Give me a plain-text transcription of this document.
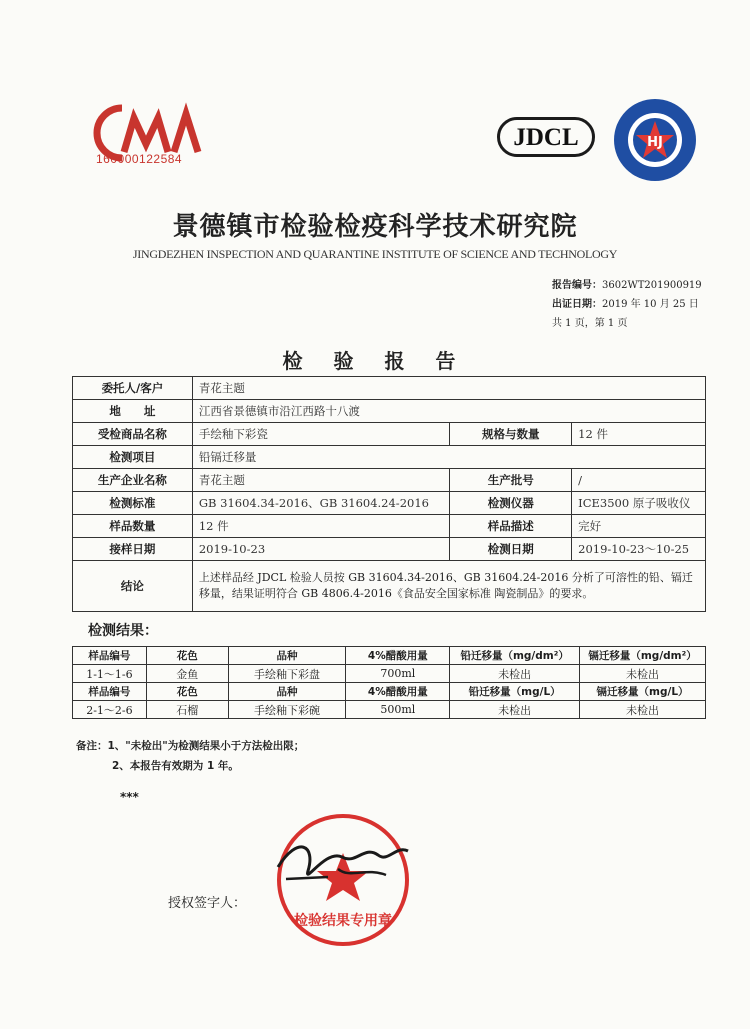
160000122584
JDCL	HJ
景德镇市检验检疫科学技术研究院
JINGDEZHEN INSPECTION AND QUARANTINE INSTITUTE OF SCIENCE AND TECHNOLOGY
报告编号：3602WT201900919
出证日期：2019 年 10 月 25 日
共 1 页，第 1 页
检 验 报 告
委托人/客户	青花主题		
地　　址	江西省景德镇市沿江西路十八渡		
受检商品名称	手绘釉下彩瓷	规格与数量	12 件
检测项目	铅镉迁移量		
生产企业名称	青花主题	生产批号	/
检测标准	GB 31604.34-2016、GB 31604.24-2016	检测仪器	ICE3500 原子吸收仪
样品数量	12 件	样品描述	完好
接样日期	2019-10-23	检测日期	2019-10-23～10-25
结论	上述样品经 JDCL 检验人员按 GB 31604.34-2016、GB 31604.24-2016 分析了可溶性的铅、镉迁移量，结果证明符合 GB 4806.4-2016《食品安全国家标准 陶瓷制品》的要求。		
检测结果：
样品编号	花色	品种	4%醋酸用量	铅迁移量（mg/dm²）	镉迁移量（mg/dm²）
1-1～1-6	金鱼	手绘釉下彩盘	700ml	未检出	未检出
样品编号	花色	品种	4%醋酸用量	铅迁移量（mg/L）	镉迁移量（mg/L）
2-1～2-6	石榴	手绘釉下彩碗	500ml	未检出	未检出
备注：1、"未检出"为检测结果小于方法检出限；
2、本报告有效期为 1 年。
***
授权签字人：
检验结果专用章
